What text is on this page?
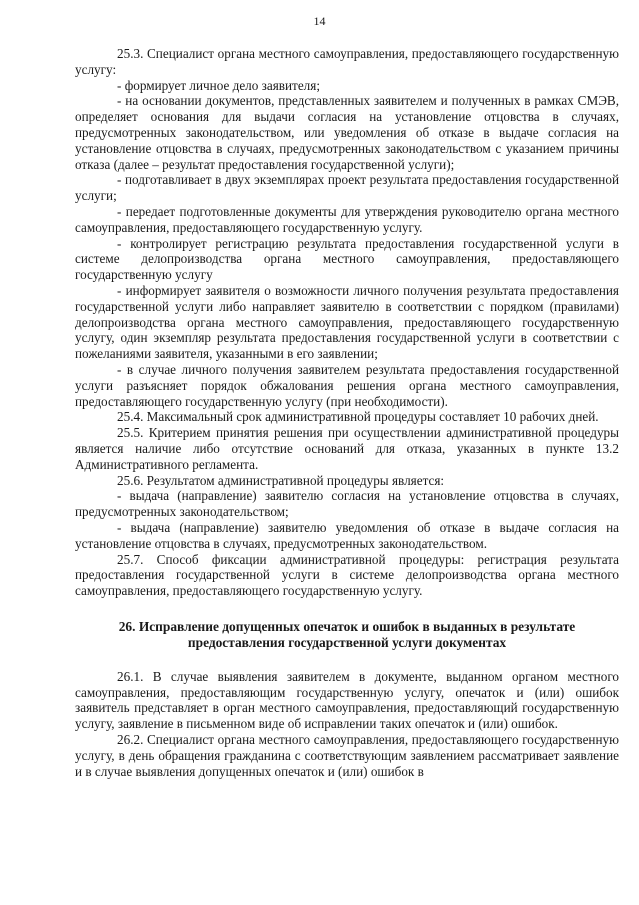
14

25.3. Специалист органа местного самоуправления, предоставляющего государственную услугу:

- формирует личное дело заявителя;

- на основании документов, представленных заявителем и полученных в рамках СМЭВ, определяет основания для выдачи согласия на установление отцовства в случаях, предусмотренных законодательством, или уведомления об отказе в выдаче согласия на установление отцовства в случаях, предусмотренных законодательством с указанием причины отказа (далее – результат предоставления государственной услуги);

- подготавливает в двух экземплярах проект результата предоставления государственной услуги;

- передает подготовленные документы для утверждения руководителю органа местного самоуправления, предоставляющего государственную услугу.

- контролирует регистрацию результата предоставления государственной услуги в системе делопроизводства органа местного самоуправления, предоставляющего государственную услугу

- информирует заявителя о возможности личного получения результата предоставления государственной услуги либо направляет заявителю в соответствии с порядком (правилами) делопроизводства органа местного самоуправления, предоставляющего государственную услугу, один экземпляр результата предоставления государственной услуги в соответствии с пожеланиями заявителя, указанными в его заявлении;

- в случае личного получения заявителем результата предоставления государственной услуги разъясняет порядок обжалования решения органа местного самоуправления, предоставляющего государственную услугу (при необходимости).

25.4. Максимальный срок административной процедуры составляет 10 рабочих дней.

25.5. Критерием принятия решения при осуществлении административной процедуры является наличие либо отсутствие оснований для отказа, указанных в пункте 13.2 Административного регламента.

25.6. Результатом административной процедуры является:

- выдача (направление) заявителю согласия на установление отцовства в случаях, предусмотренных законодательством;

- выдача (направление) заявителю уведомления об отказе в выдаче согласия на установление отцовства в случаях, предусмотренных законодательством.

25.7. Способ фиксации административной процедуры: регистрация результата предоставления государственной услуги в системе делопроизводства органа местного самоуправления, предоставляющего государственную услугу.

26. Исправление допущенных опечаток и ошибок в выданных в результате предоставления государственной услуги документах

26.1. В случае выявления заявителем в документе, выданном органом местного самоуправления, предоставляющим государственную услугу, опечаток и (или) ошибок заявитель представляет в орган местного самоуправления, предоставляющий государственную услугу, заявление в письменном виде об исправлении таких опечаток и (или) ошибок.

26.2. Специалист органа местного самоуправления, предоставляющего государственную услугу, в день обращения гражданина с соответствующим заявлением рассматривает заявление и в случае выявления допущенных опечаток и (или) ошибок в
